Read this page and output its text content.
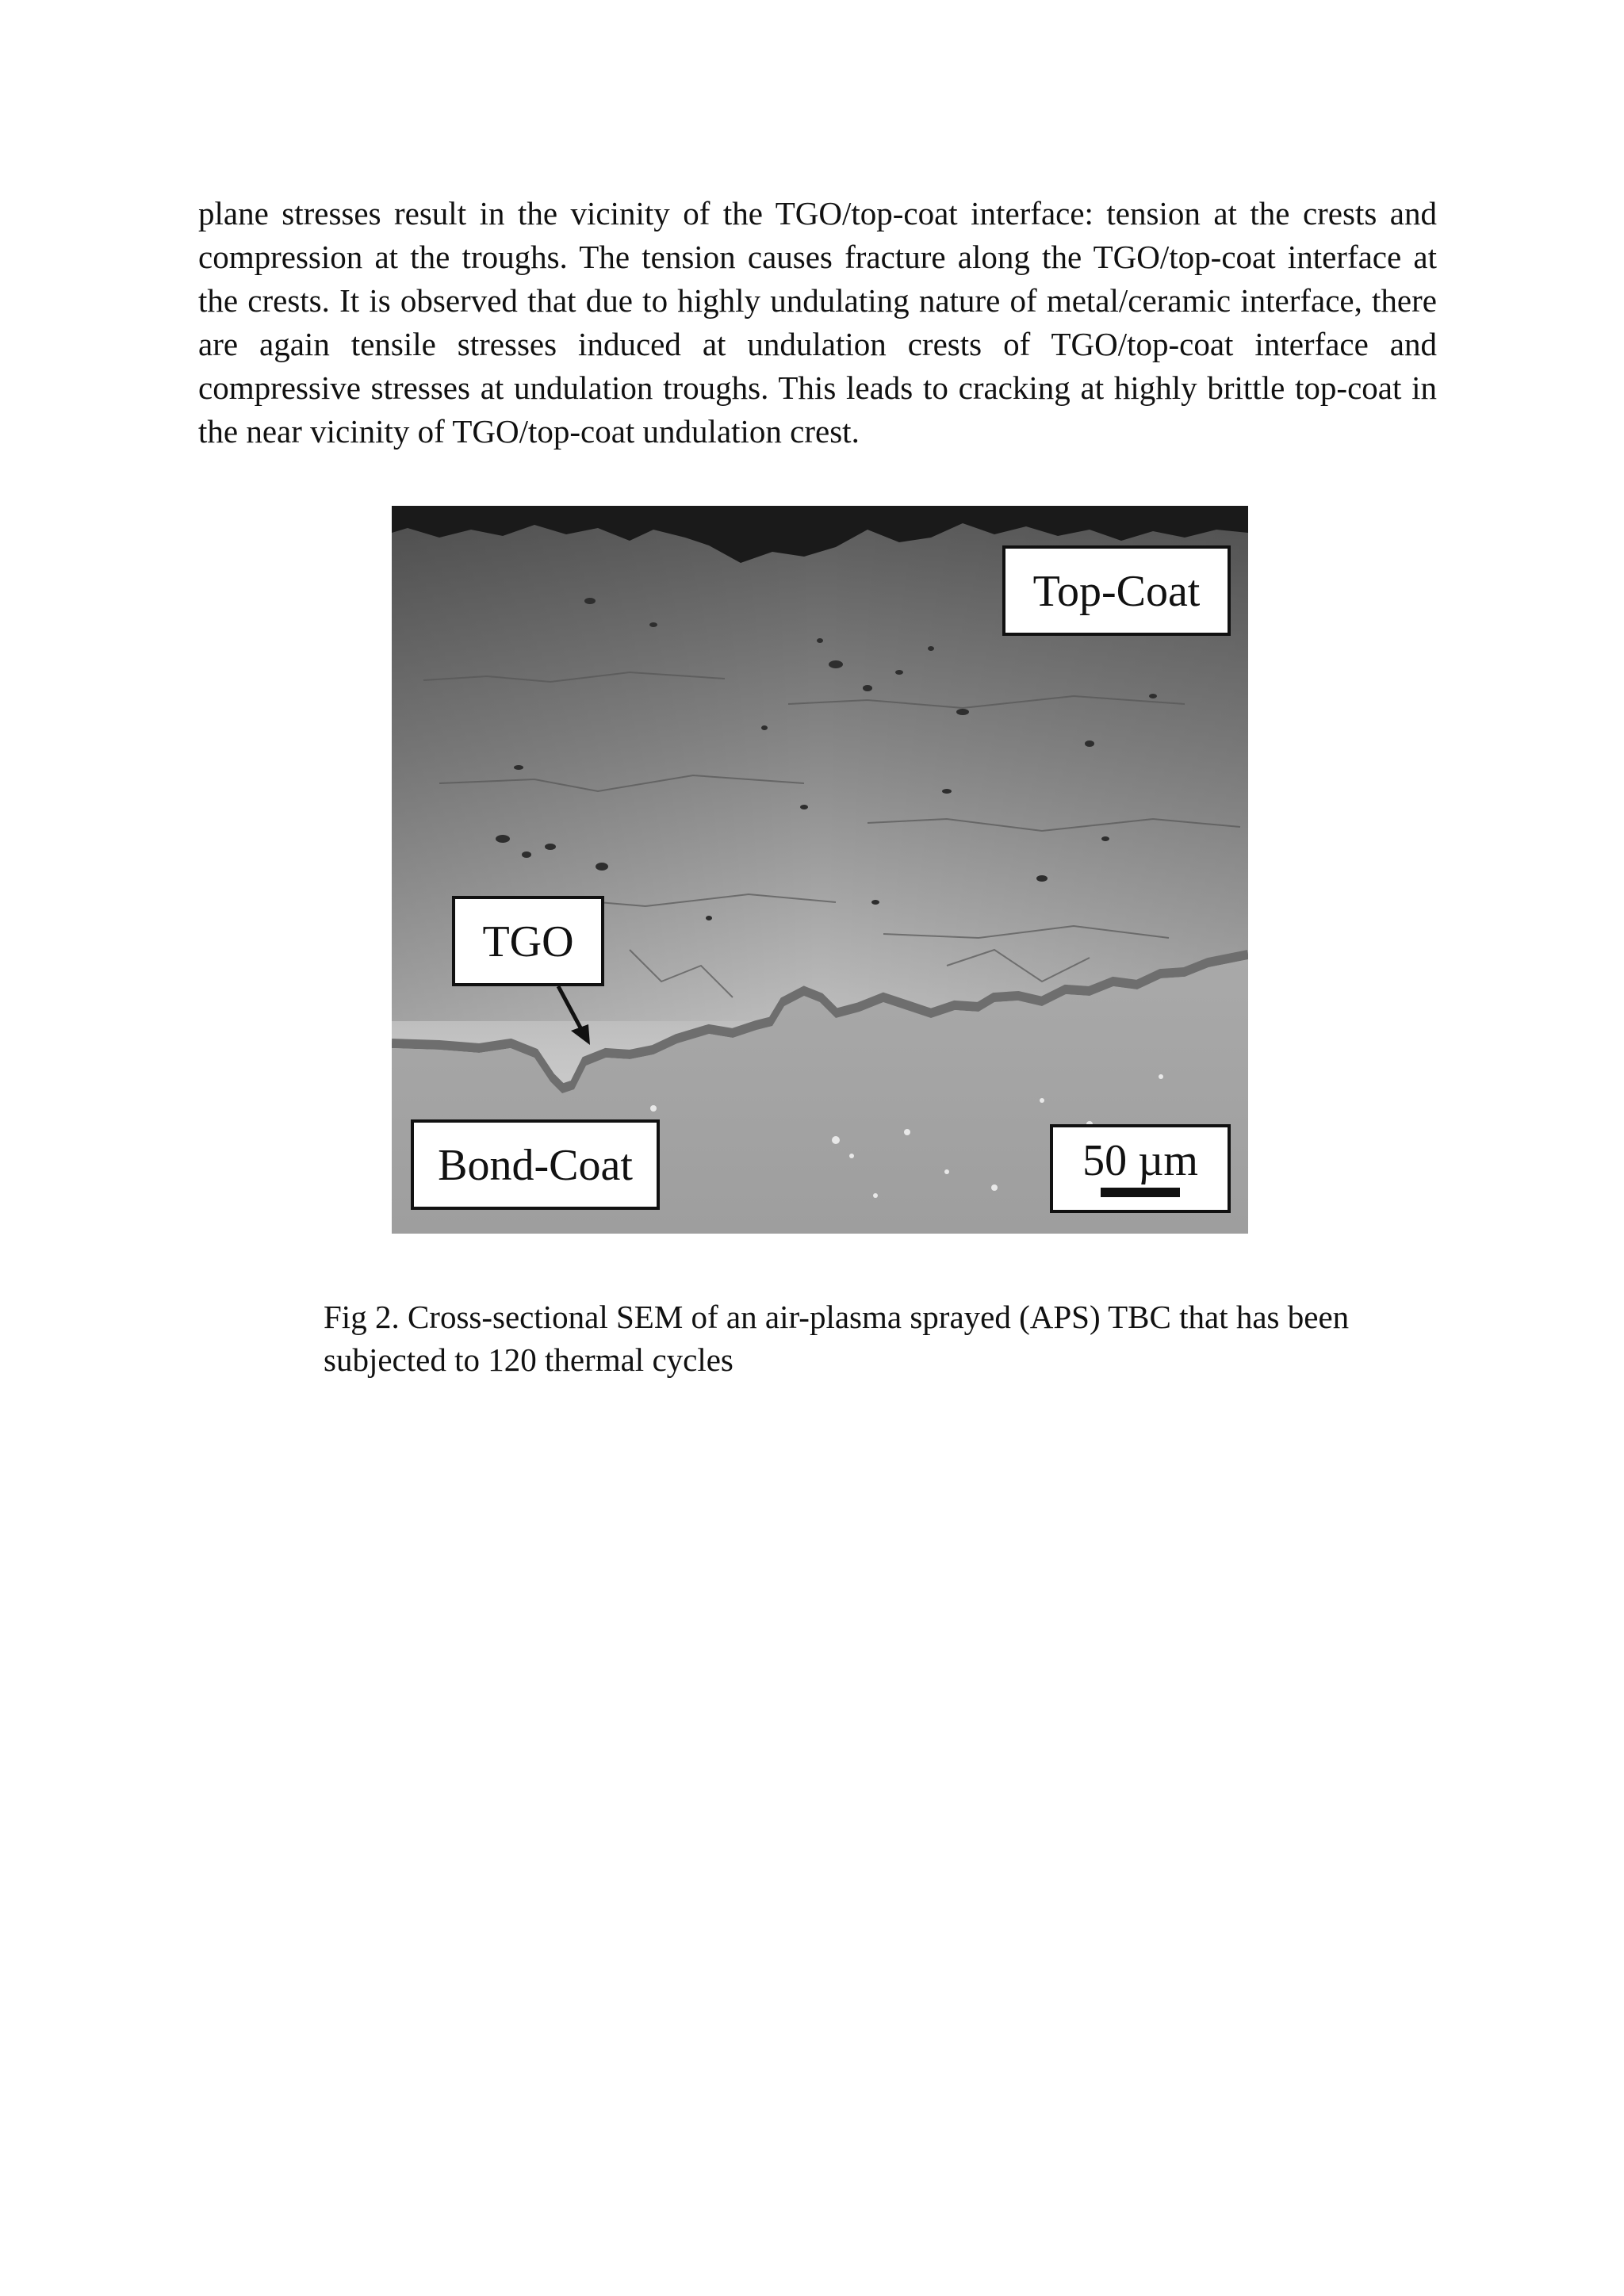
plane stresses result in the vicinity of the TGO/top-coat interface: tension at the crests and compression at the troughs. The tension causes fracture along the TGO/top-coat interface at the crests. It is observed that due to highly undulating nature of metal/ceramic interface, there are again tensile stresses induced at undulation crests of TGO/top-coat interface and compressive stresses at undulation troughs. This leads to cracking at highly brittle top-coat in the near vicinity of TGO/top-coat undulation crest.

Top-Coat
TGO
Bond-Coat	50 µm

Fig 2. Cross-sectional SEM of an air-plasma sprayed (APS) TBC that has been subjected to 120 thermal cycles
